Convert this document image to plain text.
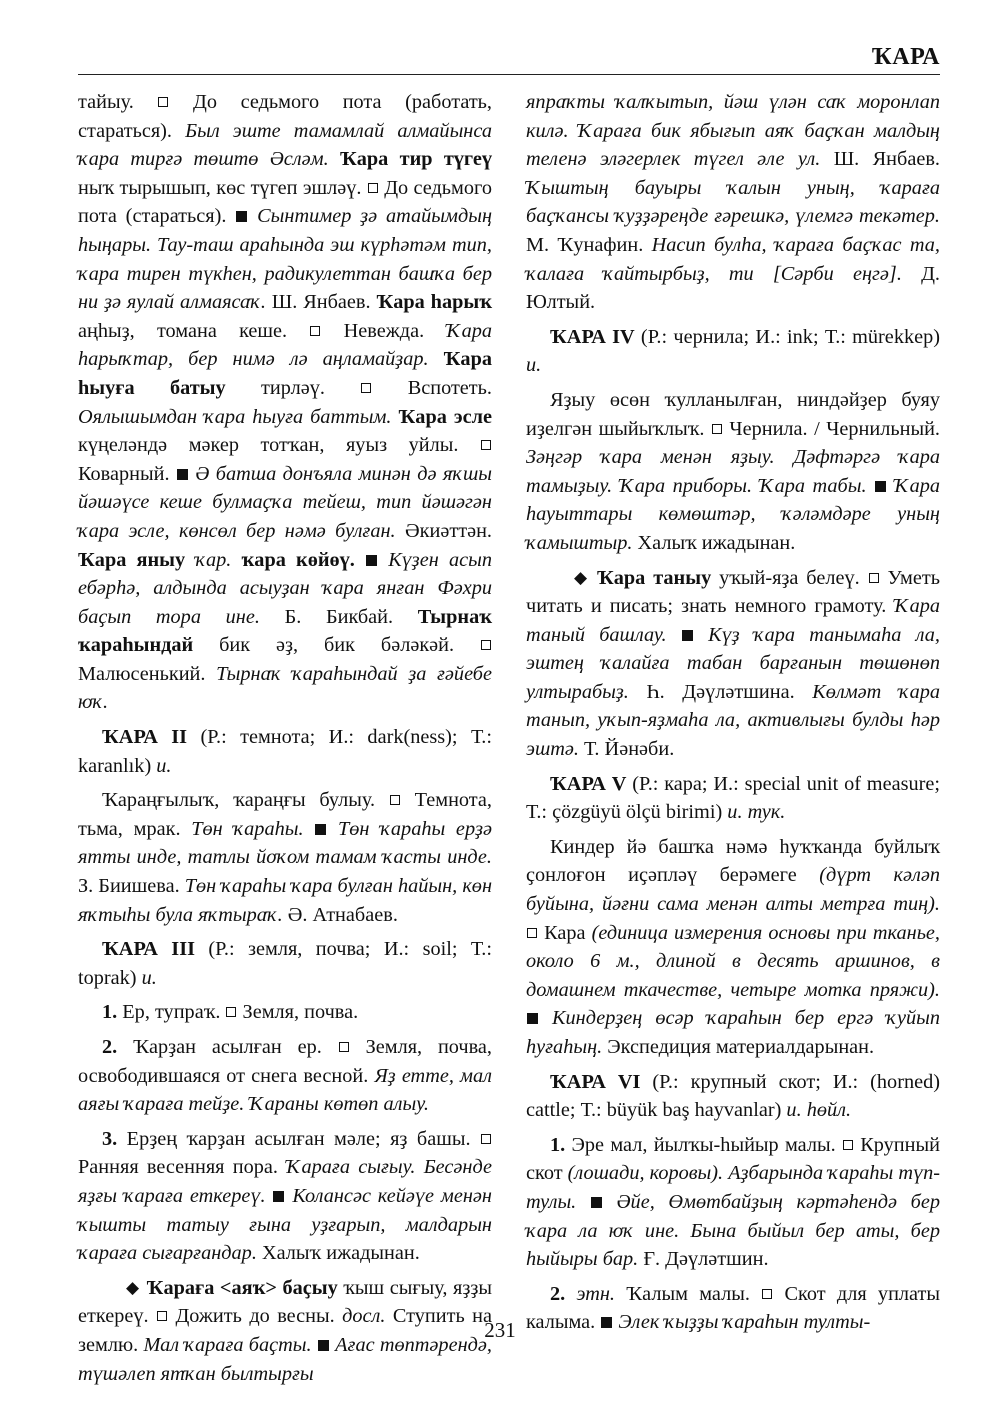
ҠАРА

тайыу.  До седьмого пота (работать, стараться). Был эште тамамлай алмайынса ҡара тирғә төштө Әсләм. Ҡара тир түгеү ныҡ тырышып, көс түгеп эшләү.  До седьмого пота (стараться).  Сынтимер ҙә атайымдың һыңары. Тау-таш араһында эш күрһәтәм тип, ҡара тирен түкһен, радикулеттан башҡа бер ни ҙә яулай алмаясаҡ. Ш. Янбаев. Ҡара һарыҡ аңһыҙ, томана кеше.  Невежда. Ҡара һарыҡтар, бер нимә лә аңламайҙар. Ҡара һыуға батыу тирләү.  Вспотеть. Оялышымдан ҡара һыуға баттым. Ҡара эсле күңеләндә мәкер тотҡан, яуыз уйлы.  Коварный.  Ә батша донъяла минән дә яҡшы йәшәүсе кеше булмаҫҡа тейеш, тип йәшәгән ҡара эсле, көнсөл бер нәмә булған. Әкиәттән. Ҡара яныу ҡар. ҡара көйөү. Күҙен асып ебәрһә, алдында асыуҙан ҡара янған Фәхри баҫып тора ине. Б. Бикбай. Тырнаҡ ҡараһындай бик әҙ, бик бәләкәй.  Малюсенький. Тырнаҡ ҡараһындай ҙа ғәйебе юҡ.

ҠАРА II (Р.: темнота; И.: dark(ness); Т.: karanlık) и.

Ҡараңғылыҡ, ҡараңғы булыу.  Темнота, тьма, мрак. Төн ҡараһы. Төн ҡараһы ерҙә ятты инде, татлы йоҡом тамам ҡасты инде. З. Биишева. Төн ҡараһы ҡара булған һайын, көн яҡтыһы була яҡтыраҡ. Ә. Атнабаев.

ҠАРА III (Р.: земля, почва; И.: soil; Т.: toprak) и.

1. Ер, тупраҡ.  Земля, почва.

2. Ҡарҙан асылған ер.  Земля, почва, освободившаяся от снега весной. Яҙ етте, мал аяғы ҡараға тейҙе. Ҡараны көтөп алыу.

3. Ерҙең ҡарҙан асылған мәле; яҙ башы.  Ранняя весенняя пора. Ҡараға сығыу. Бесәнде яҙғы ҡараға еткереү. Колансәс кейәүе менән ҡышты татыу ғына уҙғарып, малдарын ҡараға сығарғандар. Халыҡ ижадынан.

◆ Ҡараға <аяҡ> баҫыу ҡыш сығыу, яҙҙы еткереү.  Дожить до весны. досл. Ступить на землю. Мал ҡараға баҫты. Ағас төптәрендә, түшәлеп ятҡан былтырғы

япраҡты ҡалҡытып, йәш үлән саҡ моронлап килә. Ҡараға бик ябығып аяҡ баҫҡан малдың теленә эләгерлек түгел әле ул. Ш. Янбаев. Ҡыштың бауыры ҡалын уның, ҡараға баҫҡансы ҡуҙҙәреңде ғәрешкә, үлемгә текәтер. М. Ҡунафин. Насип булһа, ҡараға баҫҡас та, ҡалаға ҡайтырбыҙ, ти [Сәрби еңгә]. Д. Юлтый.

ҠАРА IV (Р.: чернила; И.: ink; Т.: mürekkep) и.

Яҙыу өсөн ҡулланылған, ниндәйҙер буяу иҙелгән шыйыҡлыҡ.  Чернила. / Чернильный. Зәңгәр ҡара менән яҙыу. Дәфтәргә ҡара тамыҙыу. Ҡара приборы. Ҡара табы. Ҡара һауыттары көмөштәр, ҡәләмдәре уның ҡамыштыр. Халыҡ ижадынан.

◆ Ҡара таныу уҡый-яҙа белеү.  Уметь читать и писать; знать немного грамоту. Ҡара таный башлау. Күҙ ҡара танымаһа ла, эштең ҡалайға табан барғанын төшөнөп ултырабыҙ. Һ. Дәүләтшина. Көлмәт ҡара танып, уҡып-яҙмаһа ла, активлығы булды һәр эштә. Т. Йәнәби.

ҠАРА V (Р.: кара; И.: special unit of measure; Т.: çözgüyü ölçü birimi) и. тук.

Киндер йә башҡа нәмә һуҡҡанда буйлыҡ ҫонлоғон иҫәпләү берәмеге (дүрт кәләп буйына, йәғни сама менән алты метрға тиң).  Кара (единица измерения основы при тканье, около 6 м., длиной в десять аршинов, в домашнем ткачестве, четыре мотка пряжи).  Киндерҙең өсәр ҡараһын бер ергә ҡуйып һуғаһың. Экспедиция материалдарынан.

ҠАРА VI (Р.: крупный скот; И.: (horned) cattle; Т.: büyük baş hayvanlar) и. һөйл.

1. Эре мал, йылҡы-һыйыр малы.  Крупный скот (лошади, коровы). Аҙбарында ҡараһы түп-тулы. Әйе, Өмөтбайҙың кәртәһендә бер ҡара ла юҡ ине. Бына быйыл бер аты, бер һыйыры бар. Ғ. Дәүләтшин.

2. этн. Ҡалым малы.  Скот для уплаты калыма. Элек ҡыҙҙы ҡараһын тулты-

231
